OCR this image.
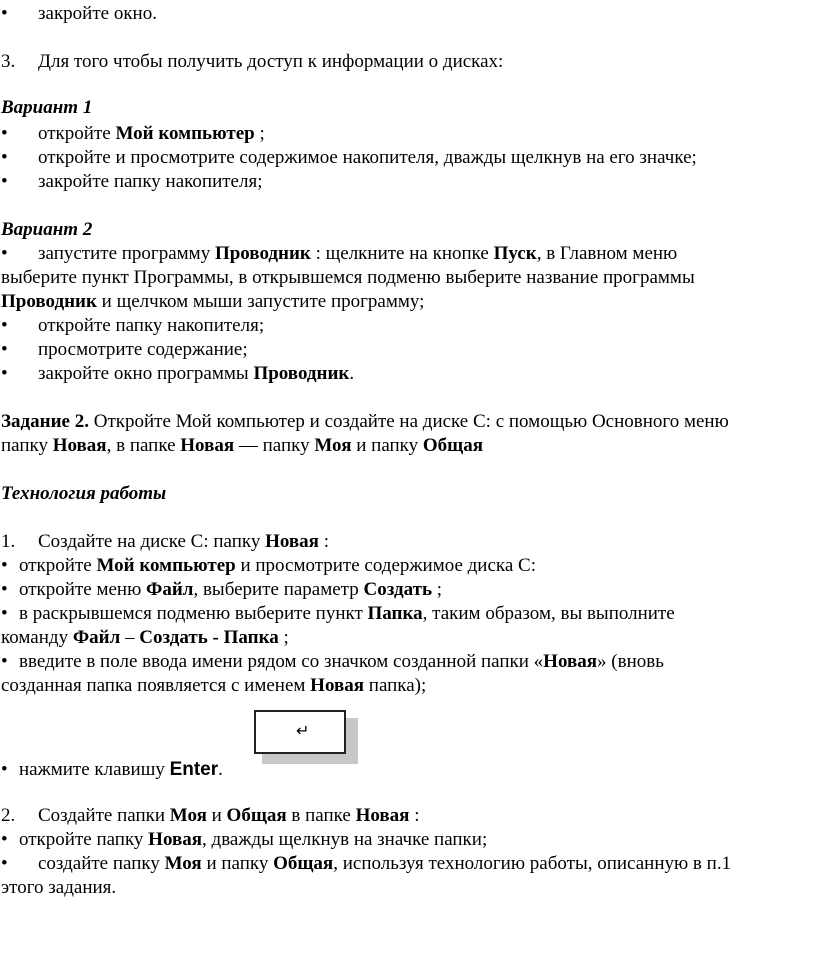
• закройте окно.
3. Для того чтобы получить доступ к информации о дисках:
Вариант 1
• откройте Мой компьютер ;
• откройте и просмотрите содержимое накопителя, дважды щелкнув на его значке;
• закройте папку накопителя;
Вариант 2
• запустите программу Проводник : щелкните на кнопке Пуск, в Главном меню
выберите пункт Программы, в открывшемся подменю выберите название программы
Проводник и щелчком мыши запустите программу;
• откройте папку накопителя;
• просмотрите содержание;
• закройте окно программы Проводник.
Задание 2. Откройте Мой компьютер и создайте на диске С: с помощью Основного меню
папку Новая, в папке Новая — папку Моя и папку Общая
Технология работы
1. Создайте на диске С: папку Новая :
• откройте Мой компьютер и просмотрите содержимое диска С:
• откройте меню Файл, выберите параметр Создать ;
• в раскрывшемся подменю выберите пункт Папка, таким образом, вы выполните
команду Файл – Создать - Папка ;
• введите в поле ввода имени рядом со значком созданной папки «Новая» (вновь
созданная папка появляется с именем Новая папка);
↵
• нажмите клавишу Enter.
2. Создайте папки Моя и Общая в папке Новая :
• откройте папку Новая, дважды щелкнув на значке папки;
• создайте папку Моя и папку Общая, используя технологию работы, описанную в п.1
этого задания.
